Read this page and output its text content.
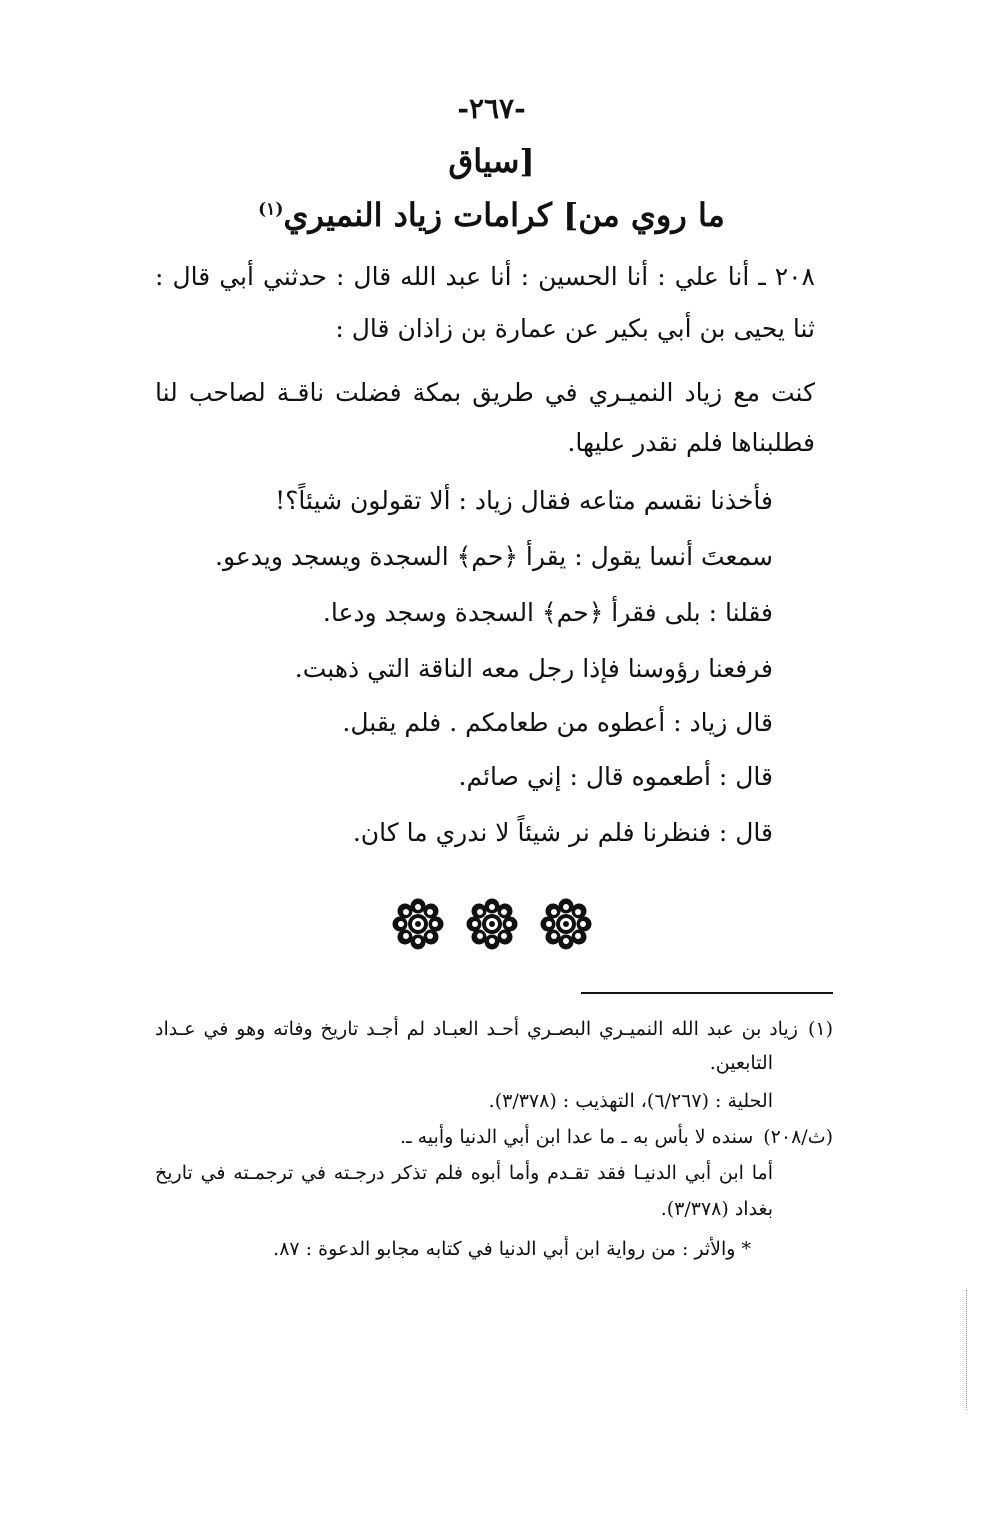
-٢٦٧-
[سياق
ما روي من] كرامات زياد النميري$^{(١)}$
٢٠٨ ـ أنا علي : أنا الحسين : أنا عبد الله قال : حدثني أبي قال :
ثنا يحيى بن أبي بكير عن عمارة بن زاذان قال :
كنت مع زياد النميـري في طريق بمكة فضلت ناقـة لصاحب لنا
فطلبناها فلم نقدر عليها.
فأخذنا نقسم متاعه فقال زياد : ألا تقولون شيئاً؟!
سمعتَ أنسا يقول : يقرأ ﴿حم﴾ السجدة ويسجد ويدعو.
فقلنا : بلى فقرأ ﴿حم﴾ السجدة وسجد ودعا.
فرفعنا رؤوسنا فإذا رجل معه الناقة التي ذهبت.
قال زياد : أعطوه من طعامكم . فلم يقبل.
قال : أطعموه قال : إني صائم.
قال : فنظرنا فلم نر شيئاً لا ندري ما كان.
(١)زياد بن عبد الله النميـري البصـري أحـد العبـاد لم أجـد تاريخ وفاته وهو في عـداد
التابعين.
الحلية : (٦/٢٦٧)، التهذيب : (٣/٣٧٨).
(ث/٢٠٨)سنده لا بأس به ـ ما عدا ابن أبي الدنيا وأبيه ـ.
أما ابن أبي الدنيـا فقد تقـدم وأما أبوه فلم تذكر درجـته في ترجمـته في تاريخ
بغداد (٣/٣٧٨).
* والأثر : من رواية ابن أبي الدنيا في كتابه مجابو الدعوة : ٨٧.
